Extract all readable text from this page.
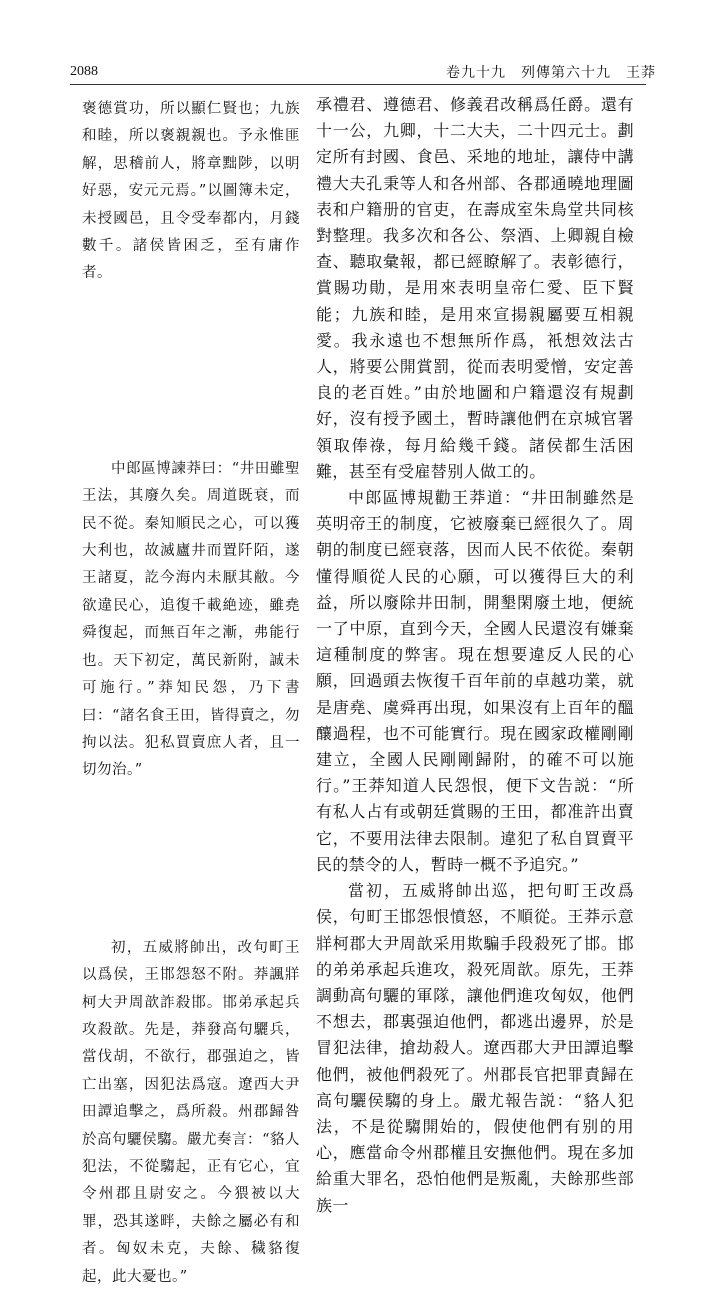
2088	卷九十九　列傳第六十九　王莽

褒德賞功，所以顯仁賢也；九族和睦，所以褒親親也。予永惟匪解，思稽前人，將章黜陟，以明好惡，安元元焉。”以圖簿未定，未授國邑，且令受奉都内，月錢數千。諸侯皆困乏，至有庸作者。

中郎區博諫莽曰：“井田雖聖王法，其廢久矣。周道既衰，而民不從。秦知順民之心，可以獲大利也，故滅廬井而置阡陌，遂王諸夏，訖今海内未厭其敝。今欲違民心，追復千載絶迹，雖堯舜復起，而無百年之漸，弗能行也。天下初定，萬民新附，誠未可施行。”莽知民怨，乃下書曰：“諸名食王田，皆得賣之，勿拘以法。犯私買賣庶人者，且一切勿治。”

初，五威將帥出，改句町王以爲侯，王邯怨怒不附。莽諷牂柯大尹周歆詐殺邯。邯弟承起兵攻殺歆。先是，莽發高句驪兵，當伐胡，不欲行，郡强迫之，皆亡出塞，因犯法爲寇。遼西大尹田譚追擊之，爲所殺。州郡歸咎於高句驪侯騶。嚴尤奏言：“貉人犯法，不從騶起，正有它心，宜令州郡且尉安之。今猥被以大罪，恐其遂畔，夫餘之屬必有和者。匈奴未克，夫餘、穢貉復起，此大憂也。”

承禮君、遵德君、修義君改稱爲任爵。還有十一公，九卿，十二大夫，二十四元士。劃定所有封國、食邑、采地的地址，讓侍中講禮大夫孔秉等人和各州部、各郡通曉地理圖表和户籍册的官吏，在壽成室朱鳥堂共同核對整理。我多次和各公、祭酒、上卿親自檢查、聽取彙報，都已經瞭解了。表彰德行，賞賜功勛，是用來表明皇帝仁愛、臣下賢能；九族和睦，是用來宣揚親屬要互相親愛。我永遠也不想無所作爲，衹想效法古人，將要公開賞罰，從而表明愛憎，安定善良的老百姓。”由於地圖和户籍還沒有規劃好，沒有授予國土，暫時讓他們在京城官署領取俸祿，每月給幾千錢。諸侯都生活困難，甚至有受雇替别人做工的。

中郎區博規勸王莽道：“井田制雖然是英明帝王的制度，它被廢棄已經很久了。周朝的制度已經衰落，因而人民不依從。秦朝懂得順從人民的心願，可以獲得巨大的利益，所以廢除井田制，開墾閑廢土地，便統一了中原，直到今天，全國人民還沒有嫌棄這種制度的弊害。現在想要違反人民的心願，回過頭去恢復千百年前的卓越功業，就是唐堯、虞舜再出現，如果沒有上百年的醞釀過程，也不可能實行。現在國家政權剛剛建立，全國人民剛剛歸附，的確不可以施行。”王莽知道人民怨恨，便下文告説：“所有私人占有或朝廷賞賜的王田，都准許出賣它，不要用法律去限制。違犯了私自買賣平民的禁令的人，暫時一概不予追究。”

當初，五威將帥出巡，把句町王改爲侯，句町王邯怨恨憤怒，不順從。王莽示意牂柯郡大尹周歆采用欺騙手段殺死了邯。邯的弟弟承起兵進攻，殺死周歆。原先，王莽調動高句驪的軍隊，讓他們進攻匈奴，他們不想去，郡裏强迫他們，都逃出邊界，於是冒犯法律，搶劫殺人。遼西郡大尹田譚追擊他們，被他們殺死了。州郡長官把罪責歸在高句驪侯騶的身上。嚴尤報告説：“貉人犯法，不是從騶開始的，假使他們有别的用心，應當命令州郡權且安撫他們。現在多加給重大罪名，恐怕他們是叛亂，夫餘那些部族一
